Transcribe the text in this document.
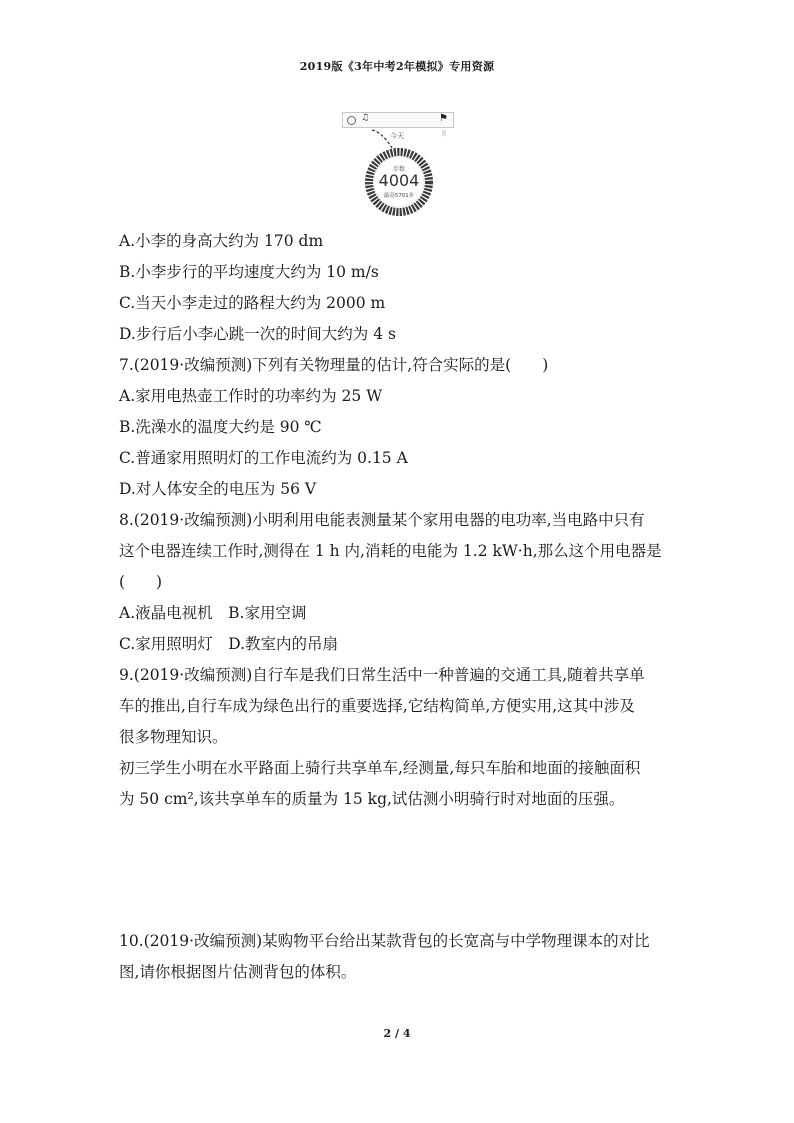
2019版《3年中考2年模拟》专用资源
♫	⚑
今天	||
步数
4004
最高5701步

A.小李的身高大约为 170 dm

B.小李步行的平均速度大约为 10 m/s

C.当天小李走过的路程大约为 2000 m

D.步行后小李心跳一次的时间大约为 4 s

7.(2019·改编预测)下列有关物理量的估计,符合实际的是(　　)

A.家用电热壶工作时的功率约为 25 W

B.洗澡水的温度大约是 90 ℃

C.普通家用照明灯的工作电流约为 0.15 A

D.对人体安全的电压为 56 V

8.(2019·改编预测)小明利用电能表测量某个家用电器的电功率,当电路中只有

这个电器连续工作时,测得在 1 h 内,消耗的电能为 1.2 kW·h,那么这个用电器是

(　　)

A.液晶电视机　B.家用空调

C.家用照明灯　D.教室内的吊扇

9.(2019·改编预测)自行车是我们日常生活中一种普遍的交通工具,随着共享单

车的推出,自行车成为绿色出行的重要选择,它结构简单,方便实用,这其中涉及

很多物理知识。

初三学生小明在水平路面上骑行共享单车,经测量,每只车胎和地面的接触面积

为 50 cm²,该共享单车的质量为 15 kg,试估测小明骑行时对地面的压强。

10.(2019·改编预测)某购物平台给出某款背包的长宽高与中学物理课本的对比

图,请你根据图片估测背包的体积。

2 / 4
